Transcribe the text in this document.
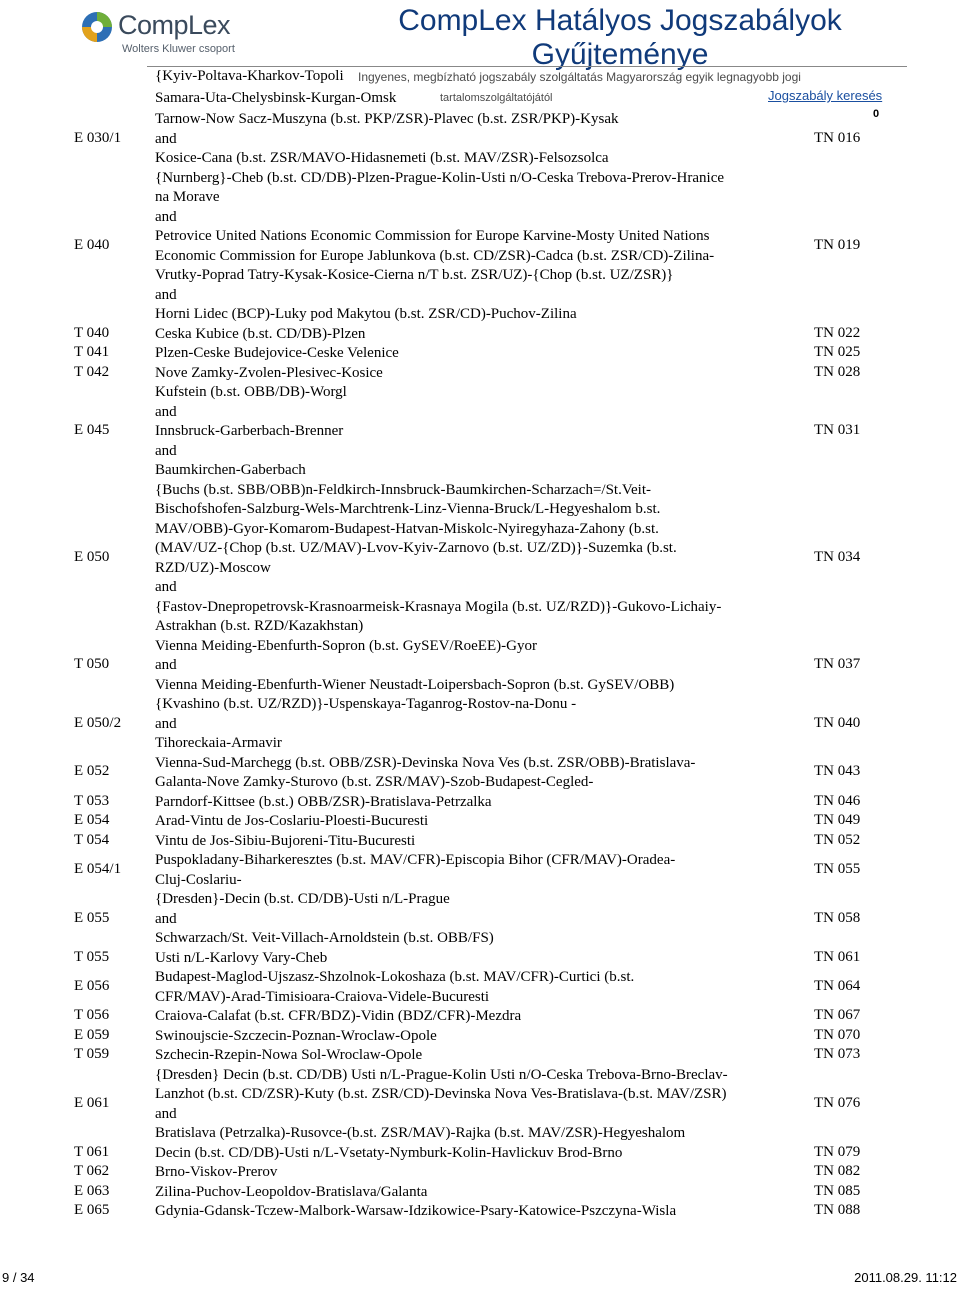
CompLex
Wolters Kluwer csoport
CompLex Hatályos Jogszabályok
Gyűjteménye
{Kyiv-Poltava-Kharkov-Topoli	Ingyenes, megbízható jogszabály szolgáltatás Magyarország egyik legnagyobb jogi
Samara-Uta-Chelysbinsk-Kurgan-Omsk	tartalomszolgáltatójától	Jogszabály keresés
0
E 030/1
Tarnow-Now Sacz-Muszyna (b.st. PKP/ZSR)-Plavec (b.st. ZSR/PKP)-Kysak
and
Kosice-Cana (b.st. ZSR/MAVO-Hidasnemeti (b.st. MAV/ZSR)-Felsozsolca
TN 016
E 040
{Nurnberg}-Cheb (b.st. CD/DB)-Plzen-Prague-Kolin-Usti n/O-Ceska Trebova-Prerov-Hranice
na Morave
and
Petrovice United Nations Economic Commission for Europe Karvine-Mosty United Nations
Economic Commission for Europe Jablunkova (b.st. CD/ZSR)-Cadca (b.st. ZSR/CD)-Zilina-
Vrutky-Poprad Tatry-Kysak-Kosice-Cierna n/T b.st. ZSR/UZ)-{Chop (b.st. UZ/ZSR)}
and
Horni Lidec (BCP)-Luky pod Makytou (b.st. ZSR/CD)-Puchov-Zilina
TN 019
T 040	Ceska Kubice (b.st. CD/DB)-Plzen	TN 022
T 041	Plzen-Ceske Budejovice-Ceske Velenice	TN 025
T 042	Nove Zamky-Zvolen-Plesivec-Kosice	TN 028
E 045
Kufstein (b.st. OBB/DB)-Worgl
and
Innsbruck-Garberbach-Brenner
and
Baumkirchen-Gaberbach
TN 031
E 050
{Buchs (b.st. SBB/OBB)n-Feldkirch-Innsbruck-Baumkirchen-Scharzach=/St.Veit-
Bischofshofen-Salzburg-Wels-Marchtrenk-Linz-Vienna-Bruck/L-Hegyeshalom b.st.
MAV/OBB)-Gyor-Komarom-Budapest-Hatvan-Miskolc-Nyiregyhaza-Zahony (b.st.
(MAV/UZ-{Chop (b.st. UZ/MAV)-Lvov-Kyiv-Zarnovo (b.st. UZ/ZD)}-Suzemka (b.st.
RZD/UZ)-Moscow
and
{Fastov-Dnepropetrovsk-Krasnoarmeisk-Krasnaya Mogila (b.st. UZ/RZD)}-Gukovo-Lichaiy-
Astrakhan (b.st. RZD/Kazakhstan)
TN 034
T 050
Vienna Meiding-Ebenfurth-Sopron (b.st. GySEV/RoeEE)-Gyor
and
Vienna Meiding-Ebenfurth-Wiener Neustadt-Loipersbach-Sopron (b.st. GySEV/OBB)
TN 037
E 050/2
{Kvashino (b.st. UZ/RZD)}-Uspenskaya-Taganrog-Rostov-na-Donu -
and
Tihoreckaia-Armavir
TN 040
E 052
Vienna-Sud-Marchegg (b.st. OBB/ZSR)-Devinska Nova Ves (b.st. ZSR/OBB)-Bratislava-
Galanta-Nove Zamky-Sturovo (b.st. ZSR/MAV)-Szob-Budapest-Cegled-
TN 043
T 053	Parndorf-Kittsee (b.st.) OBB/ZSR)-Bratislava-Petrzalka	TN 046
E 054	Arad-Vintu de Jos-Coslariu-Ploesti-Bucuresti	TN 049
T 054	Vintu de Jos-Sibiu-Bujoreni-Titu-Bucuresti	TN 052
E 054/1
Puspokladany-Biharkeresztes (b.st. MAV/CFR)-Episcopia Bihor (CFR/MAV)-Oradea-
Cluj-Coslariu-
TN 055
E 055
{Dresden}-Decin (b.st. CD/DB)-Usti n/L-Prague
and
Schwarzach/St. Veit-Villach-Arnoldstein (b.st. OBB/FS)
TN 058
T 055	Usti n/L-Karlovy Vary-Cheb	TN 061
E 056
Budapest-Maglod-Ujszasz-Shzolnok-Lokoshaza (b.st. MAV/CFR)-Curtici (b.st.
CFR/MAV)-Arad-Timisioara-Craiova-Videle-Bucuresti
TN 064
T 056	Craiova-Calafat (b.st. CFR/BDZ)-Vidin (BDZ/CFR)-Mezdra	TN 067
E 059	Swinoujscie-Szczecin-Poznan-Wroclaw-Opole	TN 070
T 059	Szchecin-Rzepin-Nowa Sol-Wroclaw-Opole	TN 073
E 061
{Dresden} Decin (b.st. CD/DB) Usti n/L-Prague-Kolin Usti n/O-Ceska Trebova-Brno-Breclav-
Lanzhot (b.st. CD/ZSR)-Kuty (b.st. ZSR/CD)-Devinska Nova Ves-Bratislava-(b.st. MAV/ZSR)
and
Bratislava (Petrzalka)-Rusovce-(b.st. ZSR/MAV)-Rajka (b.st. MAV/ZSR)-Hegyeshalom
TN 076
T 061	Decin (b.st. CD/DB)-Usti n/L-Vsetaty-Nymburk-Kolin-Havlickuv Brod-Brno	TN 079
T 062	Brno-Viskov-Prerov	TN 082
E 063	Zilina-Puchov-Leopoldov-Bratislava/Galanta	TN 085
E 065	Gdynia-Gdansk-Tczew-Malbork-Warsaw-Idzikowice-Psary-Katowice-Pszczyna-Wisla	TN 088
9 / 34	2011.08.29. 11:12
